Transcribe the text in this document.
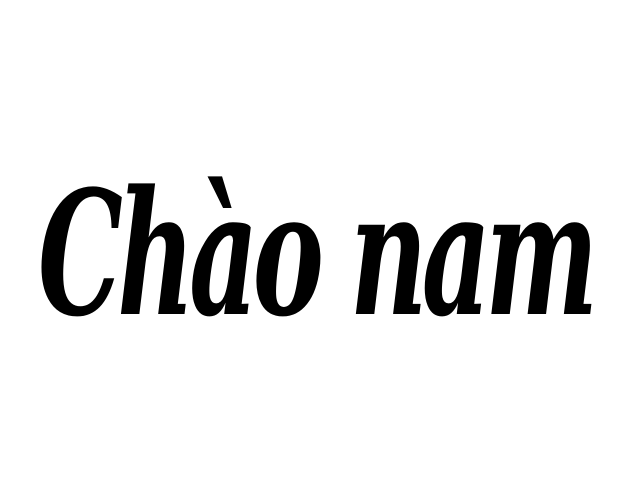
Chào nam
